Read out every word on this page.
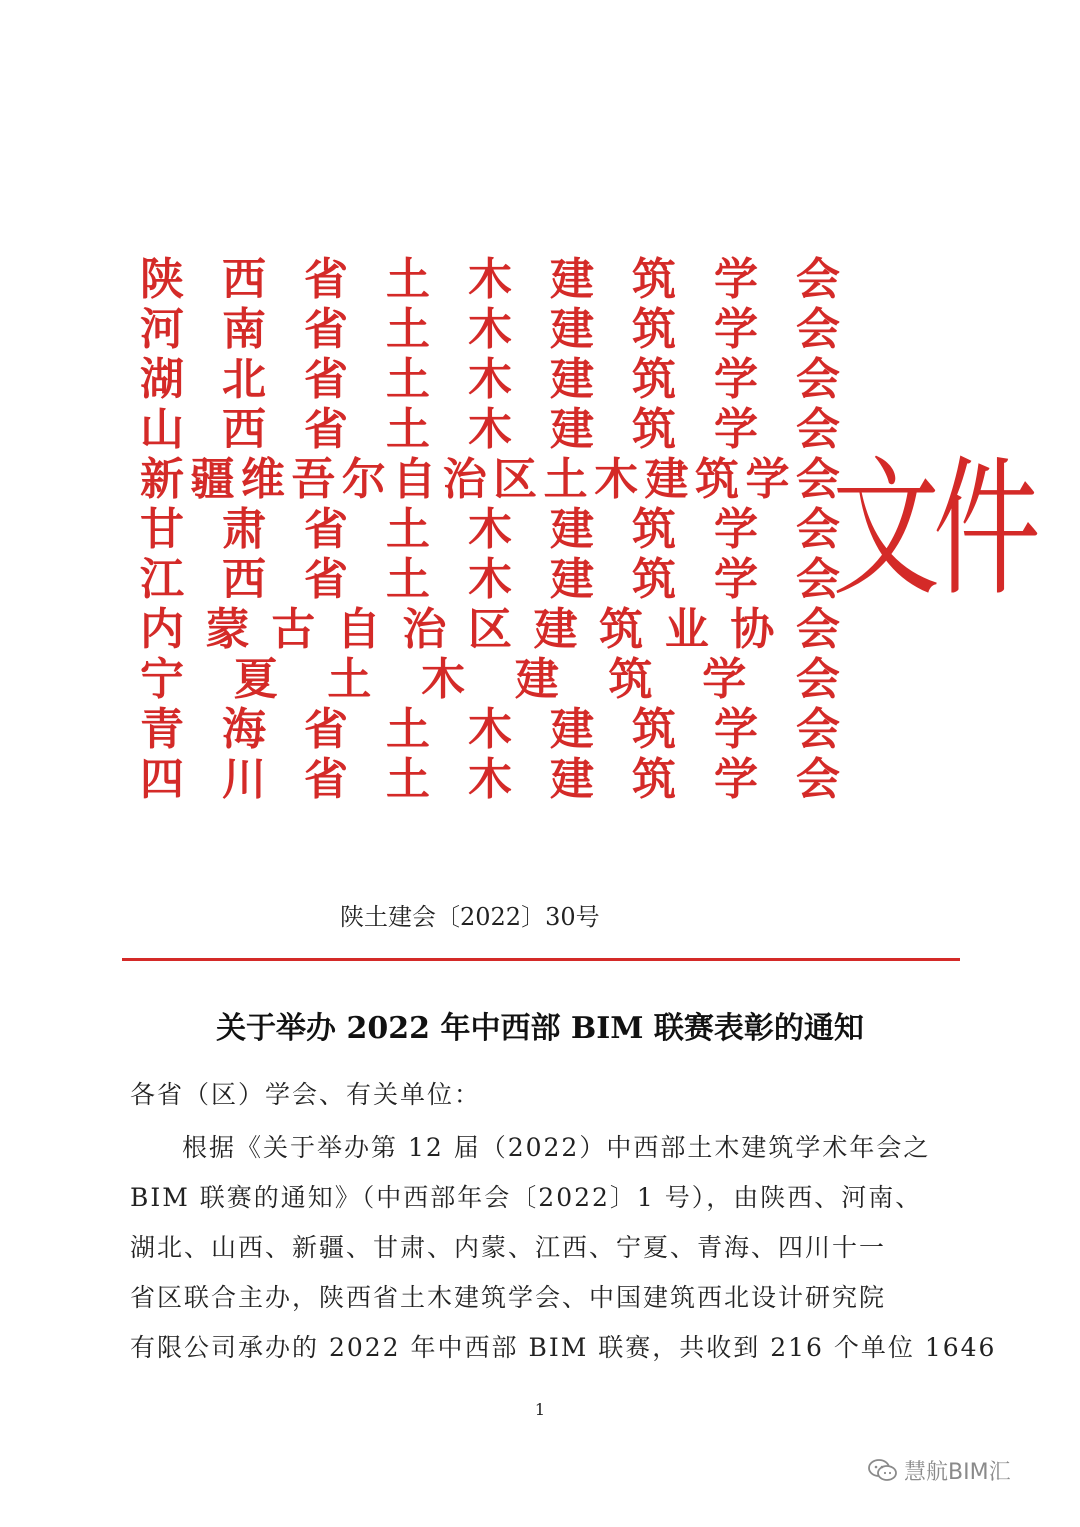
陕 西 省 土 木 建 筑 学 会
河 南 省 土 木 建 筑 学 会
湖 北 省 土 木 建 筑 学 会
山 西 省 土 木 建 筑 学 会
新 疆 维 吾 尔 自 治 区 土 木 建 筑 学 会
甘 肃 省 土 木 建 筑 学 会
江 西 省 土 木 建 筑 学 会
内 蒙 古 自 治 区 建 筑 业 协 会
宁 夏 土 木 建 筑 学 会
青 海 省 土 木 建 筑 学 会
四 川 省 土 木 建 筑 学 会
文件
陕土建会〔2022〕30号
关于举办 2022 年中西部 BIM 联赛表彰的通知
各省（区）学会、有关单位：
根据《关于举办第 12 届（2022）中西部土木建筑学术年会之
BIM 联赛的通知》（中西部年会〔2022〕1 号），由陕西、河南、
湖北、山西、新疆、甘肃、内蒙、江西、宁夏、青海、四川十一
省区联合主办，陕西省土木建筑学会、中国建筑西北设计研究院
有限公司承办的 2022 年中西部 BIM 联赛，共收到 216 个单位 1646
1
慧航BIM汇
